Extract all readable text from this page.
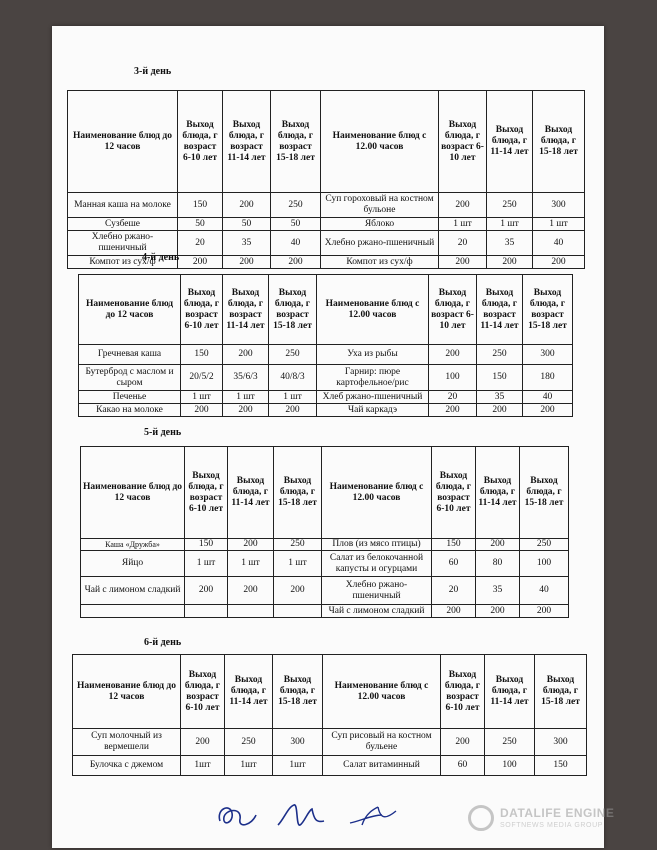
3-й день
Наименование блюд до 12 часов	Выход блюда, г возраст 6-10 лет	Выход блюда, г возраст 11-14 лет	Выход блюда, г возраст 15-18 лет	Наименование блюд с 12.00 часов	Выход блюда, г возраст 6-10 лет	Выход блюда, г 11-14 лет	Выход блюда, г 15-18 лет
Манная каша на молоке	150	200	250	Суп гороховый на костном бульоне	200	250	300
Сузбеше	50	50	50	Яблоко	1 шт	1 шт	1 шт
Хлебно ржано-пшеничный	20	35	40	Хлебно ржано-пшеничный	20	35	40
Компот из сух/ф	200	200	200	Компот из сух/ф	200	200	200
4-й день
Наименование блюд до 12 часов	Выход блюда, г возраст 6-10 лет	Выход блюда, г возраст 11-14 лет	Выход блюда, г возраст 15-18 лет	Наименование блюд с 12.00 часов	Выход блюда, г возраст 6-10 лет	Выход блюда, г возраст 11-14 лет	Выход блюда, г возраст 15-18 лет
Гречневая каша	150	200	250	Уха из рыбы	200	250	300
Бутерброд с маслом и сыром	20/5/2	35/6/3	40/8/3	Гарнир: пюре картофельное/рис	100	150	180
Печенье	1 шт	1 шт	1 шт	Хлеб ржано-пшеничный	20	35	40
Какао на молоке	200	200	200	Чай каркадэ	200	200	200
5-й день
Наименование блюд до 12 часов	Выход блюда, г возраст 6-10 лет	Выход блюда, г 11-14 лет	Выход блюда, г 15-18 лет	Наименование блюд с 12.00 часов	Выход блюда, г возраст 6-10 лет	Выход блюда, г 11-14 лет	Выход блюда, г 15-18 лет
Каша «Дружба»	150	200	250	Плов (из мясо птицы)	150	200	250
Яйцо	1 шт	1 шт	1 шт	Салат из белокочанной капусты и огурцами	60	80	100
Чай с лимоном сладкий	200	200	200	Хлебно ржано-пшеничный	20	35	40
				Чай с лимоном сладкий	200	200	200
6-й день
Наименование блюд до 12 часов	Выход блюда, г возраст 6-10 лет	Выход блюда, г 11-14 лет	Выход блюда, г 15-18 лет	Наименование блюд с 12.00 часов	Выход блюда, г возраст 6-10 лет	Выход блюда, г 11-14 лет	Выход блюда, г 15-18 лет
Суп молочный из вермешели	200	250	300	Суп рисовый на костном бульене	200	250	300
Булочка с джемом	1шт	1шт	1шт	Салат витаминный	60	100	150
DATALIFE ENGINE
SOFTNEWS MEDIA GROUP
